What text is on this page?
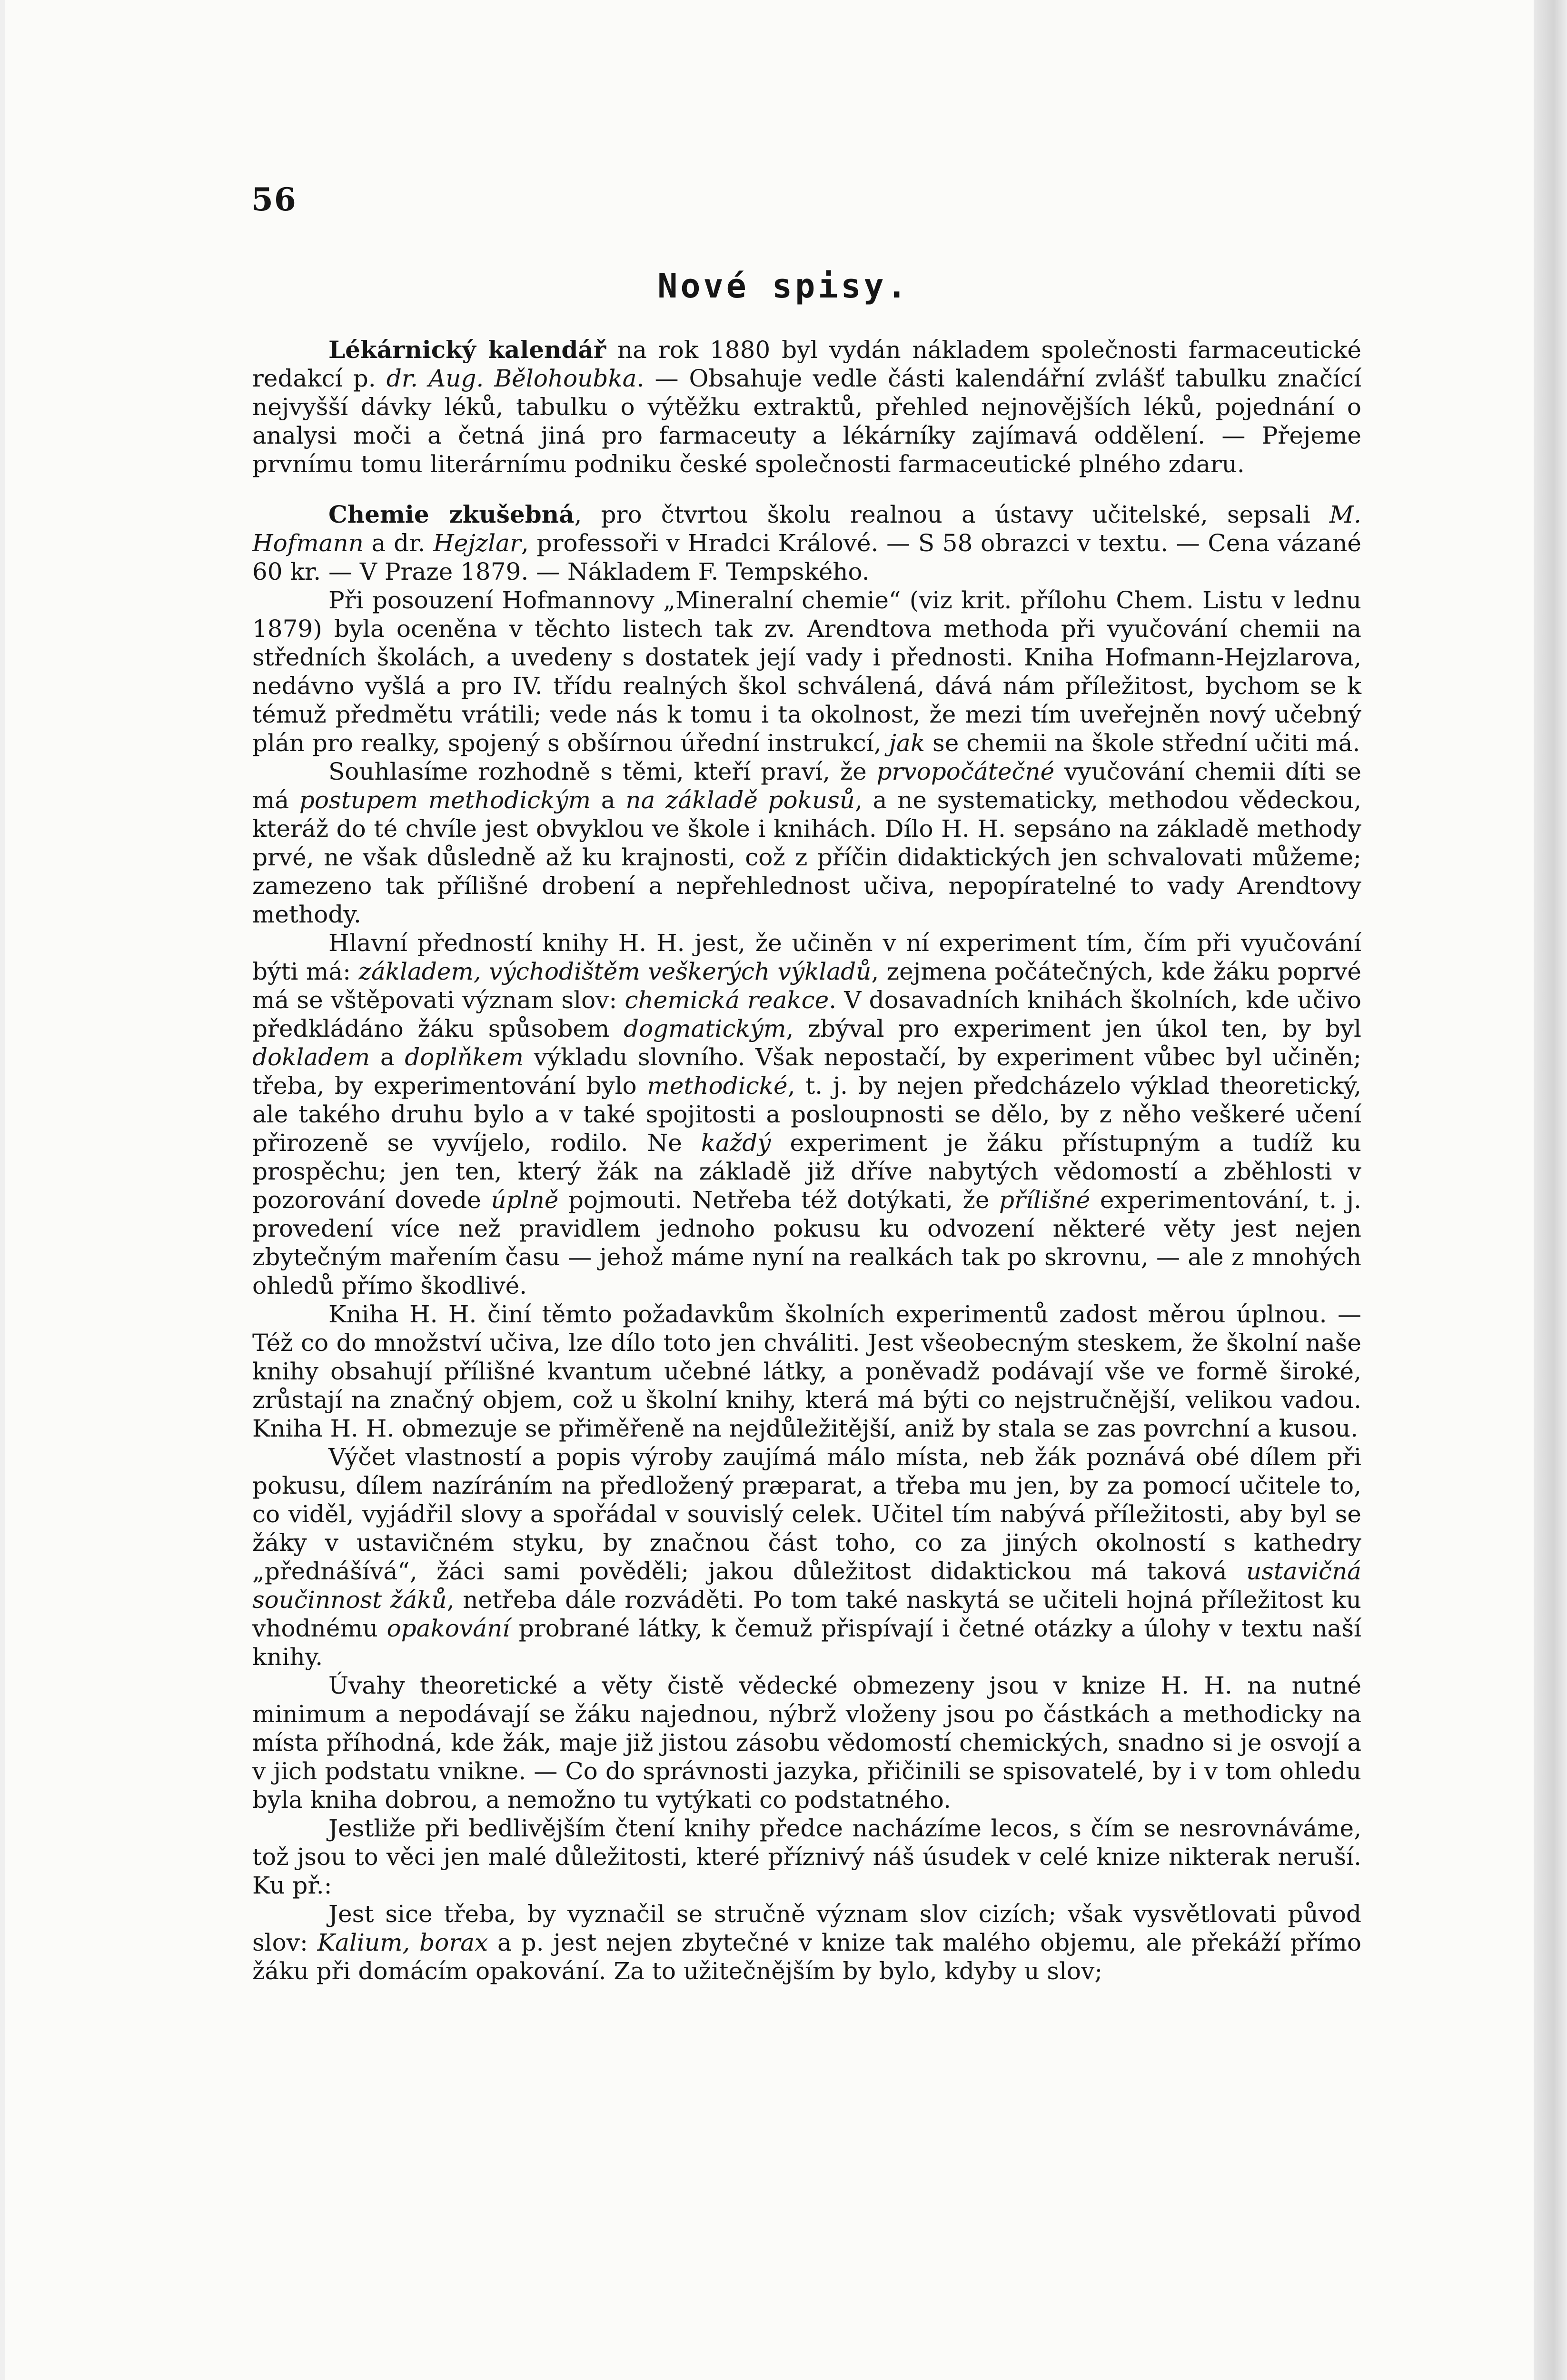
56
Nové spisy.

Lékárnický kalendář na rok 1880 byl vydán nákladem společnosti farmaceutické redakcí p. dr. Aug. Bělohoubka. — Obsahuje vedle části kalendářní zvlášť tabulku značící nejvyšší dávky léků, tabulku o výtěžku extraktů, přehled nejnovějších léků, pojednání o analysi moči a četná jiná pro farmaceuty a lékárníky zajímavá oddělení. — Přejeme prvnímu tomu literárnímu podniku české společnosti farmaceutické plného zdaru.

Chemie zkušebná, pro čtvrtou školu realnou a ústavy učitelské, sepsali M. Hofmann a dr. Hejzlar, professoři v Hradci Králové. — S 58 obrazci v textu. — Cena vázané 60 kr. — V Praze 1879. — Nákladem F. Tempského.

Při posouzení Hofmannovy „Mineralní chemie“ (viz krit. přílohu Chem. Listu v lednu 1879) byla oceněna v těchto listech tak zv. Arendtova methoda při vyučování chemii na středních školách, a uvedeny s dostatek její vady i přednosti. Kniha Hofmann-Hejzlarova, nedávno vyšlá a pro IV. třídu realných škol schválená, dává nám příležitost, bychom se k témuž předmětu vrátili; vede nás k tomu i ta okolnost, že mezi tím uveřejněn nový učebný plán pro realky, spojený s obšírnou úřední instrukcí, jak se chemii na škole střední učiti má.

Souhlasíme rozhodně s těmi, kteří praví, že prvopočátečné vyučování chemii díti se má postupem methodickým a na základě pokusů, a ne systematicky, methodou vědeckou, kteráž do té chvíle jest obvyklou ve škole i knihách. Dílo H. H. sepsáno na základě methody prvé, ne však důsledně až ku krajnosti, což z příčin didaktických jen schvalovati můžeme; zamezeno tak přílišné drobení a nepřehlednost učiva, nepopíratelné to vady Arendtovy methody.

Hlavní předností knihy H. H. jest, že učiněn v ní experiment tím, čím při vyučování býti má: základem, východištěm veškerých výkladů, zejmena počátečných, kde žáku poprvé má se vštěpovati význam slov: chemická reakce. V dosavadních knihách školních, kde učivo předkládáno žáku spůsobem dogmatickým, zbýval pro experiment jen úkol ten, by byl dokladem a doplňkem výkladu slovního. Však nepostačí, by experiment vůbec byl učiněn; třeba, by experimentování bylo methodické, t. j. by nejen předcházelo výklad theoretický, ale takého druhu bylo a v také spojitosti a posloupnosti se dělo, by z něho veškeré učení přirozeně se vyvíjelo, rodilo. Ne každý experiment je žáku přístupným a tudíž ku prospěchu; jen ten, který žák na základě již dříve nabytých vědomostí a zběhlosti v pozorování dovede úplně pojmouti. Netřeba též dotýkati, že přílišné experimentování, t. j. provedení více než pravidlem jednoho pokusu ku odvození některé věty jest nejen zbytečným mařením času — jehož máme nyní na realkách tak po skrovnu, — ale z mnohých ohledů přímo škodlivé.

Kniha H. H. činí těmto požadavkům školních experimentů zadost měrou úplnou. — Též co do množství učiva, lze dílo toto jen chváliti. Jest všeobecným steskem, že školní naše knihy obsahují přílišné kvantum učebné látky, a poněvadž podávají vše ve formě široké, zrůstají na značný objem, což u školní knihy, která má býti co nejstručnější, velikou vadou. Kniha H. H. obmezuje se přiměřeně na nejdůležitější, aniž by stala se zas povrchní a kusou.

Výčet vlastností a popis výroby zaujímá málo místa, neb žák poznává obé dílem při pokusu, dílem nazíráním na předložený præparat, a třeba mu jen, by za pomocí učitele to, co viděl, vyjádřil slovy a spořádal v souvislý celek. Učitel tím nabývá příležitosti, aby byl se žáky v ustavičném styku, by značnou část toho, co za jiných okolností s kathedry „přednášívá“, žáci sami pověděli; jakou důležitost didaktickou má taková ustavičná součinnost žáků, netřeba dále rozváděti. Po tom také naskytá se učiteli hojná příležitost ku vhodnému opakování probrané látky, k čemuž přispívají i četné otázky a úlohy v textu naší knihy.

Úvahy theoretické a věty čistě vědecké obmezeny jsou v knize H. H. na nutné minimum a nepodávají se žáku najednou, nýbrž vloženy jsou po částkách a methodicky na místa příhodná, kde žák, maje již jistou zásobu vědomostí chemických, snadno si je osvojí a v jich podstatu vnikne. — Co do správnosti jazyka, přičinili se spisovatelé, by i v tom ohledu byla kniha dobrou, a nemožno tu vytýkati co podstatného.

Jestliže při bedlivějším čtení knihy předce nacházíme lecos, s čím se nesrovnáváme, tož jsou to věci jen malé důležitosti, které příznivý náš úsudek v celé knize nikterak neruší. Ku př.:

Jest sice třeba, by vyznačil se stručně význam slov cizích; však vysvětlovati původ slov: Kalium, borax a p. jest nejen zbytečné v knize tak malého objemu, ale překáží přímo žáku při domácím opakování. Za to užitečnějším by bylo, kdyby u slov;
